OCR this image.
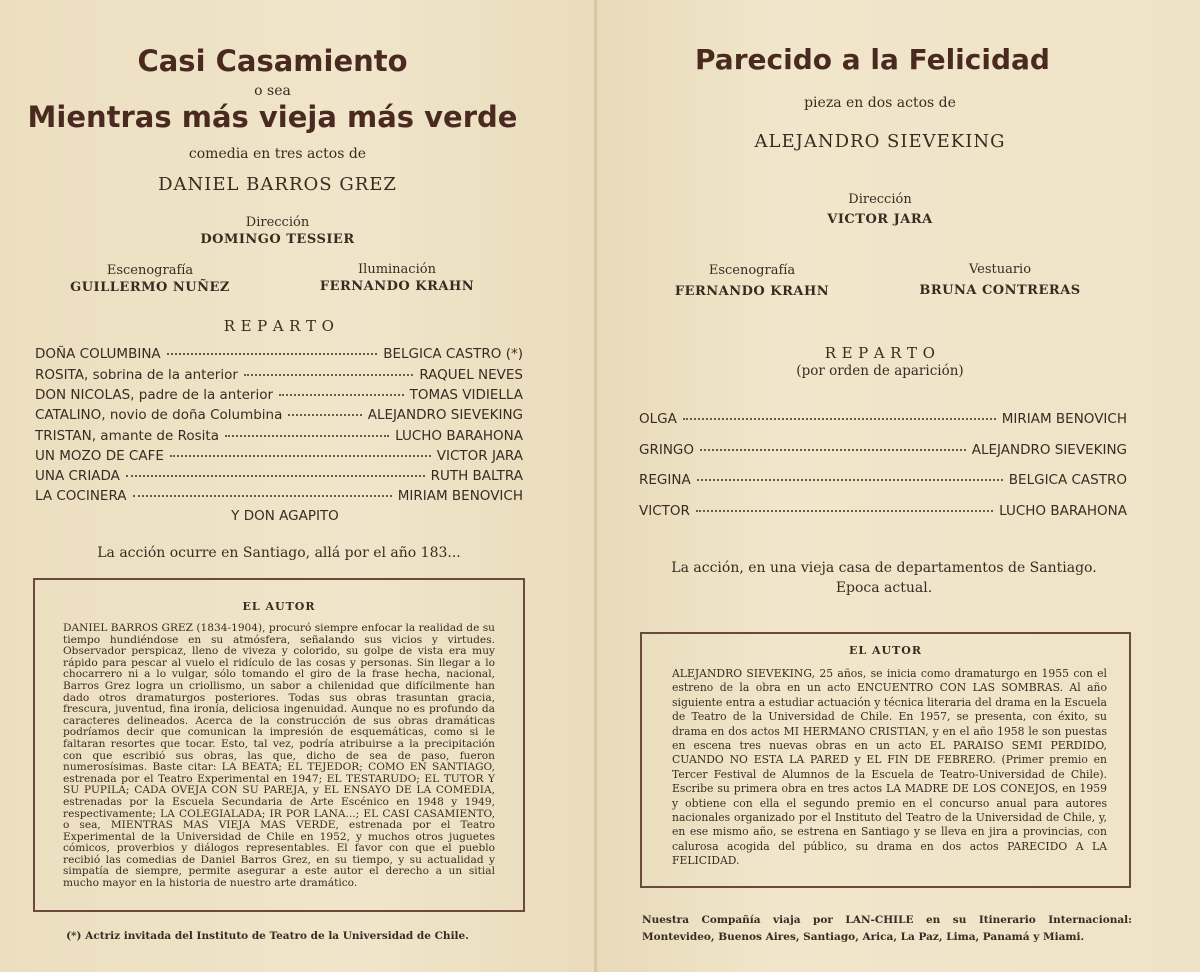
Casi Casamiento
o sea
Mientras más vieja más verde
comedia en tres actos de
DANIEL BARROS GREZ
Dirección
DOMINGO TESSIER
Escenografía
GUILLERMO NUÑEZ
Iluminación
FERNANDO KRAHN
R E P A R T O
DOÑA COLUMBINA	BELGICA CASTRO (*)
ROSITA, sobrina de la anterior	RAQUEL NEVES
DON NICOLAS, padre de la anterior	TOMAS VIDIELLA
CATALINO, novio de doña Columbina	ALEJANDRO SIEVEKING
TRISTAN, amante de Rosita	LUCHO BARAHONA
UN MOZO DE CAFE	VICTOR JARA
UNA CRIADA	RUTH BALTRA
LA COCINERA	MIRIAM BENOVICH
Y DON AGAPITO
La acción ocurre en Santiago, allá por el año 183...
EL AUTOR
DANIEL BARROS GREZ (1834-1904), procuró siempre enfocar la realidad de su tiempo hundiéndose en su atmósfera, señalando sus vicios y virtudes. Observador perspicaz, lleno de viveza y colorido, su golpe de vista era muy rápido para pescar al vuelo el ridículo de las cosas y personas. Sin llegar a lo chocarrero ni a lo vulgar, sólo tomando el giro de la frase hecha, nacional, Barros Grez logra un criollismo, un sabor a chilenidad que difícilmente han dado otros dramaturgos posteriores. Todas sus obras trasuntan gracia, frescura, juventud, fina ironía, deliciosa ingenuidad. Aunque no es profundo da caracteres delineados. Acerca de la construcción de sus obras dramáticas podríamos decir que comunican la impresión de esquemáticas, como si le faltaran resortes que tocar. Esto, tal vez, podría atribuirse a la precipitación con que escribió sus obras, las que, dicho de sea de paso, fueron numerosísimas. Baste citar: LA BEATA; EL TEJEDOR; COMO EN SANTIAGO, estrenada por el Teatro Experimental en 1947; EL TESTARUDO; EL TUTOR Y SU PUPILA; CADA OVEJA CON SU PAREJA, y EL ENSAYO DE LA COMEDIA, estrenadas por la Escuela Secundaria de Arte Escénico en 1948 y 1949, respectivamente; LA COLEGIALADA; IR POR LANA...; EL CASI CASAMIENTO, o sea, MIENTRAS MAS VIEJA MAS VERDE, estrenada por el Teatro Experimental de la Universidad de Chile en 1952, y muchos otros juguetes cómicos, proverbios y diálogos representables. El favor con que el pueblo recibió las comedias de Daniel Barros Grez, en su tiempo, y su actualidad y simpatía de siempre, permite asegurar a este autor el derecho a un sitial mucho mayor en la historia de nuestro arte dramático.
(*) Actriz invitada del Instituto de Teatro de la Universidad de Chile.
Parecido a la Felicidad
pieza en dos actos de
ALEJANDRO SIEVEKING
Dirección
VICTOR JARA
Escenografía
FERNANDO KRAHN
Vestuario
BRUNA CONTRERAS
R E P A R T O
(por orden de aparición)
OLGA	MIRIAM BENOVICH
GRINGO	ALEJANDRO SIEVEKING
REGINA	BELGICA CASTRO
VICTOR	LUCHO BARAHONA
La acción, en una vieja casa de departamentos de Santiago.
Epoca actual.
EL AUTOR
ALEJANDRO SIEVEKING, 25 años, se inicia como dramaturgo en 1955 con el estreno de la obra en un acto ENCUENTRO CON LAS SOMBRAS. Al año siguiente entra a estudiar actuación y técnica literaria del drama en la Escuela de Teatro de la Universidad de Chile. En 1957, se presenta, con éxito, su drama en dos actos MI HERMANO CRISTIAN, y en el año 1958 le son puestas en escena tres nuevas obras en un acto EL PARAISO SEMI PERDIDO, CUANDO NO ESTA LA PARED y EL FIN DE FEBRERO. (Primer premio en Tercer Festival de Alumnos de la Escuela de Teatro-Universidad de Chile). Escribe su primera obra en tres actos LA MADRE DE LOS CONEJOS, en 1959 y obtiene con ella el segundo premio en el concurso anual para autores nacionales organizado por el Instituto del Teatro de la Universidad de Chile, y, en ese mismo año, se estrena en Santiago y se lleva en jira a provincias, con calurosa acogida del público, su drama en dos actos PARECIDO A LA FELICIDAD.
Nuestra Compañía viaja por LAN-CHILE en su Itinerario Internacional: Montevideo, Buenos Aires, Santiago, Arica, La Paz, Lima, Panamá y Miami.
